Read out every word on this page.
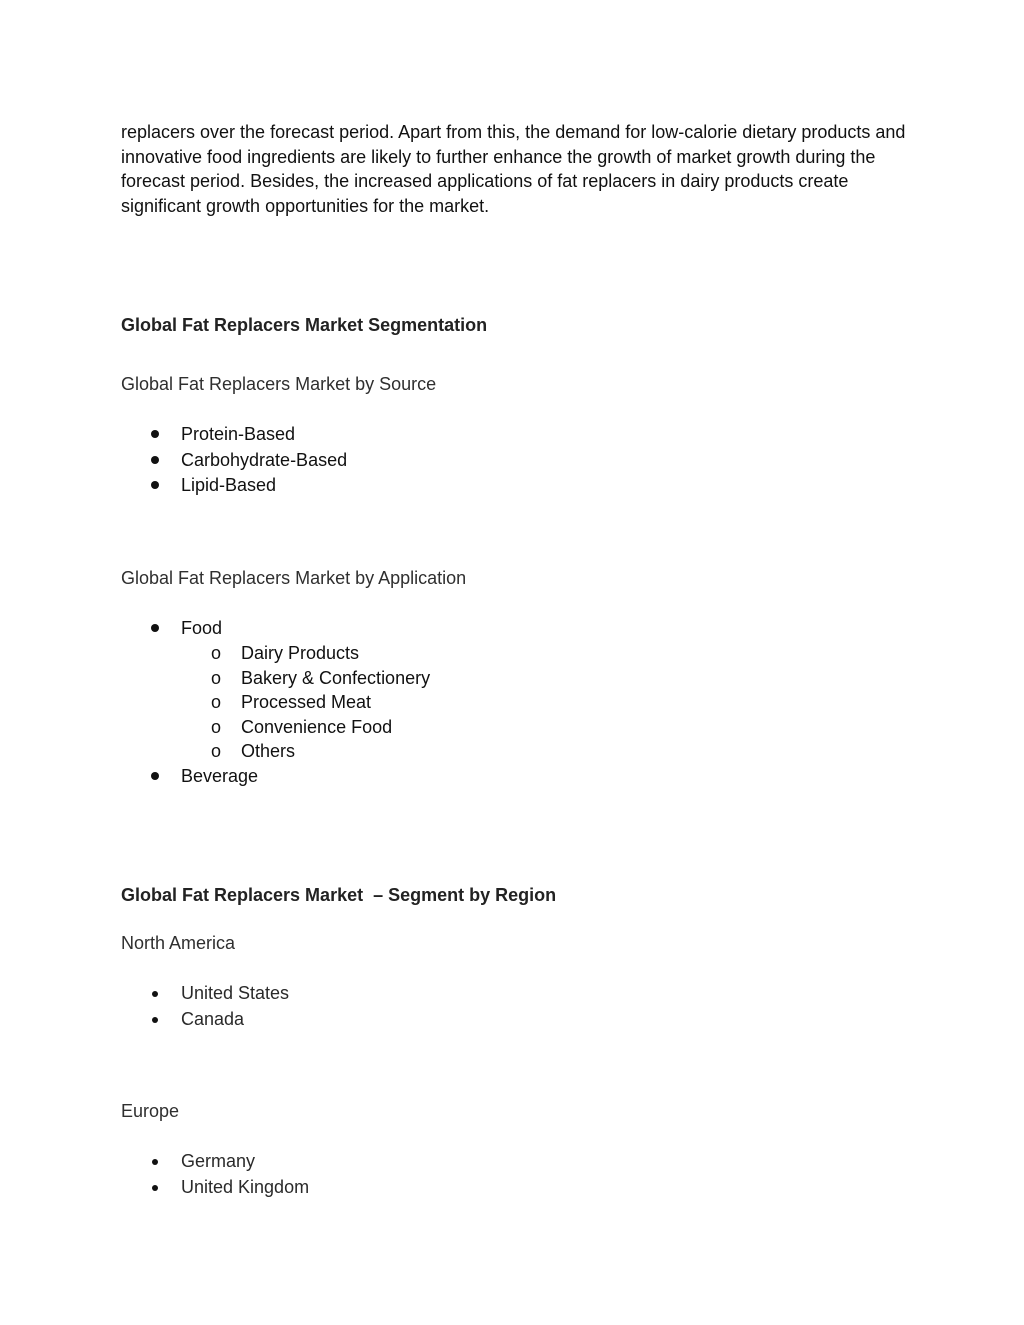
replacers over the forecast period. Apart from this, the demand for low-calorie dietary products and innovative food ingredients are likely to further enhance the growth of market growth during the forecast period. Besides, the increased applications of fat replacers in dairy products create significant growth opportunities for the market.

Global Fat Replacers Market Segmentation

Global Fat Replacers Market by Source

Protein-Based
Carbohydrate-Based
Lipid-Based

Global Fat Replacers Market by Application

Food
o Dairy Products
o Bakery & Confectionery
o Processed Meat
o Convenience Food
o Others
Beverage
Global Fat Replacers Market  – Segment by Region

North America

United States
Canada

Europe

Germany
United Kingdom
